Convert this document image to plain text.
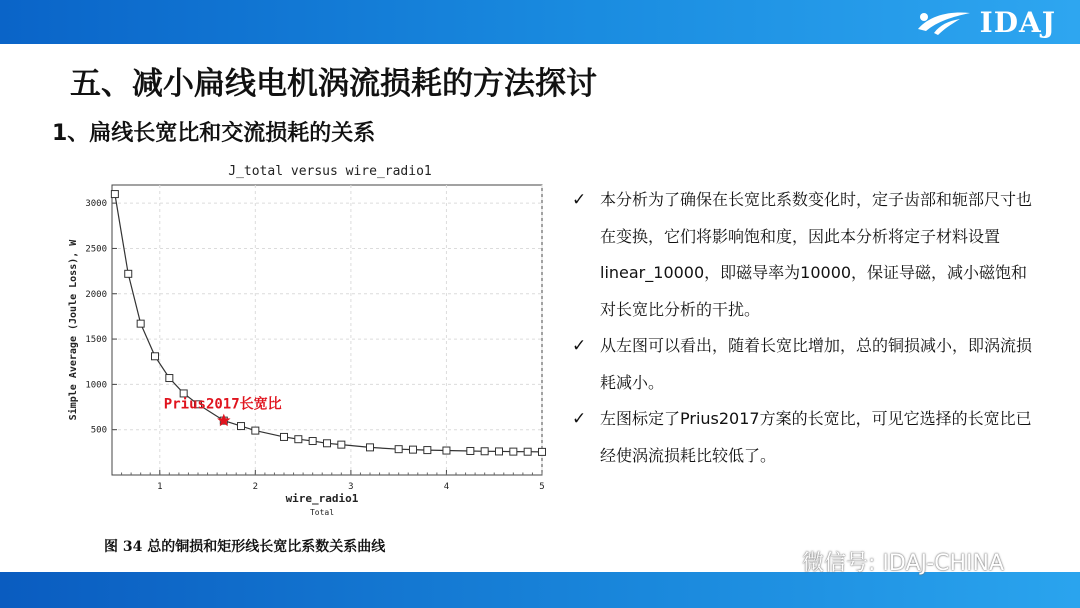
IDAJ
五、减小扁线电机涡流损耗的方法探讨
1、扁线长宽比和交流损耗的关系
J_total versus wire_radio1
1	2	3	4	5
500
1000
1500
2000
2500
3000
Simple Average (Joule Loss), W
wire_radio1
Total
Prius2017长宽比
图 34 总的铜损和矩形线长宽比系数关系曲线
✓ 本分析为了确保在长宽比系数变化时，定子齿部和轭部尺寸也在变换，它们将影响饱和度，因此本分析将定子材料设置linear_10000，即磁导率为10000，保证导磁，减小磁饱和对长宽比分析的干扰。
✓ 从左图可以看出，随着长宽比增加，总的铜损减小，即涡流损耗减小。
✓ 左图标定了Prius2017方案的长宽比，可见它选择的长宽比已经使涡流损耗比较低了。
微信号: IDAJ-CHINA
